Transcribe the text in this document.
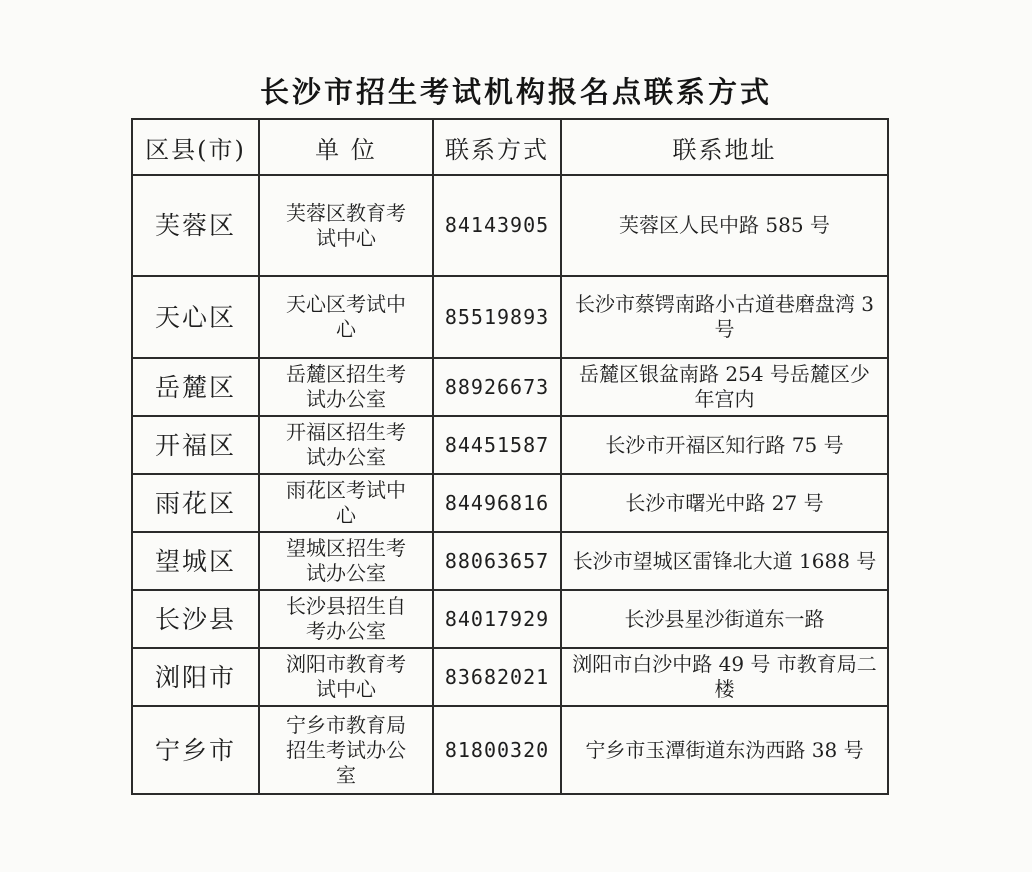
长沙市招生考试机构报名点联系方式
区县(市)	单 位	联系方式	联系地址
芙蓉区	芙蓉区教育考试中心	84143905	芙蓉区人民中路 585 号
天心区	天心区考试中心	85519893	长沙市蔡锷南路小古道巷磨盘湾 3 号
岳麓区	岳麓区招生考试办公室	88926673	岳麓区银盆南路 254 号岳麓区少年宫内
开福区	开福区招生考试办公室	84451587	长沙市开福区知行路 75 号
雨花区	雨花区考试中心	84496816	长沙市曙光中路 27 号
望城区	望城区招生考试办公室	88063657	长沙市望城区雷锋北大道 1688 号
长沙县	长沙县招生自考办公室	84017929	长沙县星沙街道东一路
浏阳市	浏阳市教育考试中心	83682021	浏阳市白沙中路 49 号 市教育局二楼
宁乡市	宁乡市教育局招生考试办公室	81800320	宁乡市玉潭街道东沩西路 38 号
